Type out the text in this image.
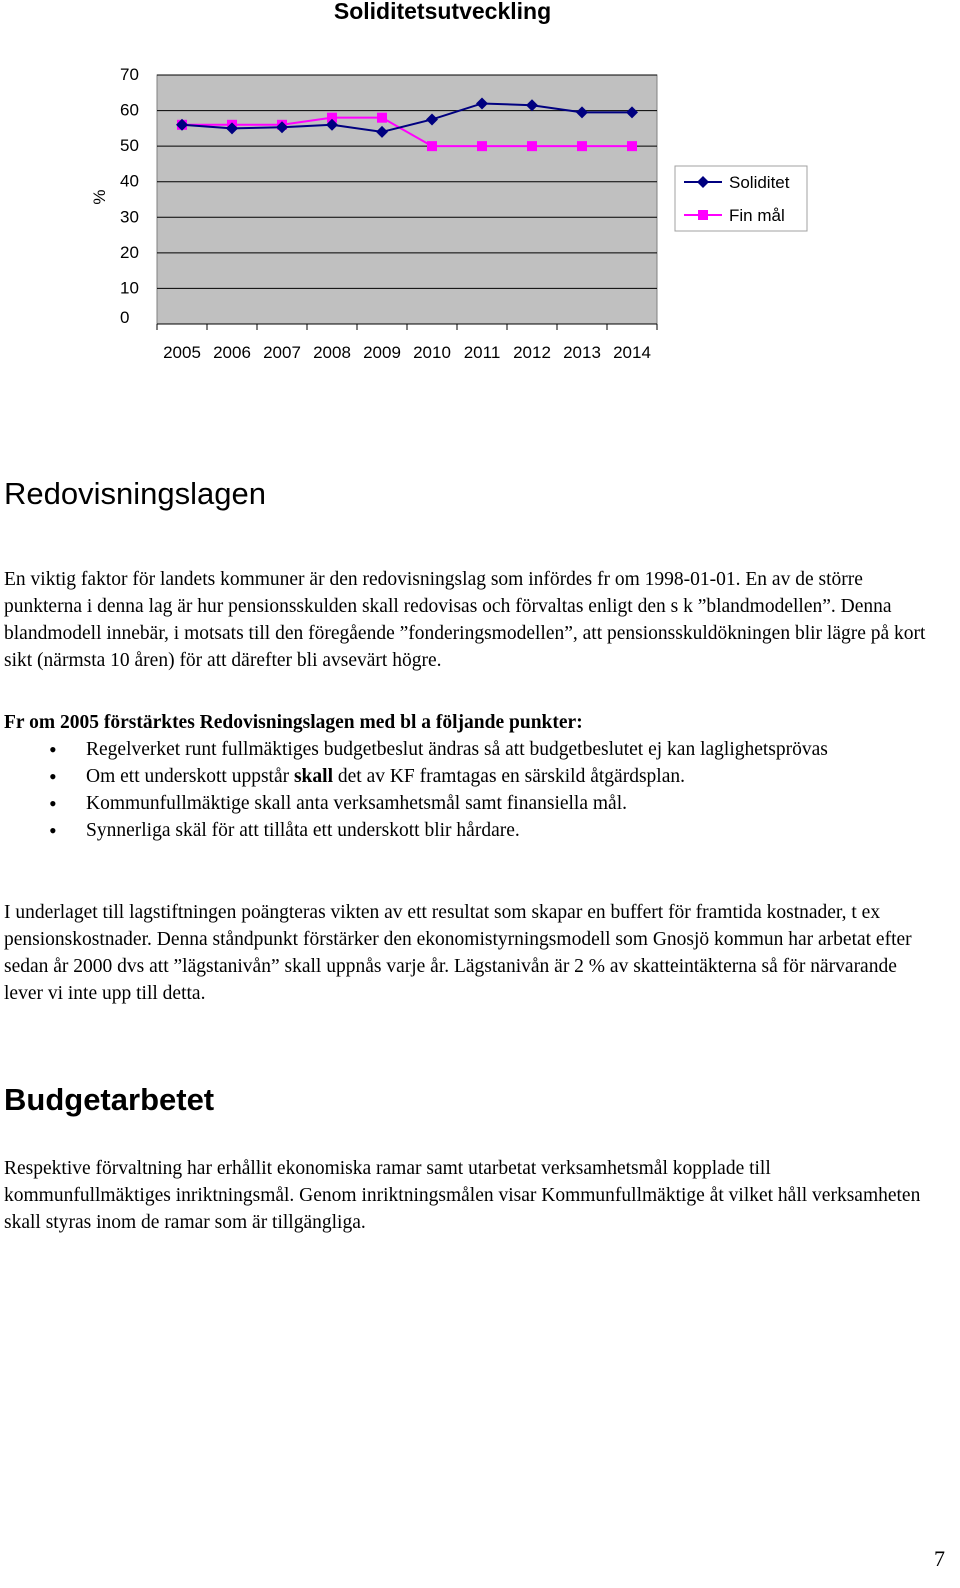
Soliditetsutveckling
0
10
20
30
40
50
60
70
2005 2006 2007 2008 2009 2010 2011 2012 2013 2014
%
Soliditet
Fin mål
Redovisningslagen

En viktig faktor för landets kommuner är den redovisningslag som infördes fr om 1998-01-01. En av de större punkterna i denna lag är hur pensionsskulden skall redovisas och förvaltas enligt den s k ”blandmodellen”. Denna blandmodell innebär, i motsats till den föregående ”fonderingsmodellen”, att pensionsskuldökningen blir lägre på kort sikt (närmsta 10 åren) för att därefter bli avsevärt högre.

Fr om 2005 förstärktes Redovisningslagen med bl a följande punkter:

• Regelverket runt fullmäktiges budgetbeslut ändras så att budgetbeslutet ej kan laglighetsprövas
• Om ett underskott uppstår skall det av KF framtagas en särskild åtgärdsplan.
• Kommunfullmäktige skall anta verksamhetsmål samt finansiella mål.
• Synnerliga skäl för att tillåta ett underskott blir hårdare.

I underlaget till lagstiftningen poängteras vikten av ett resultat som skapar en buffert för framtida kostnader, t ex pensionskostnader. Denna ståndpunkt förstärker den ekonomistyrningsmodell som Gnosjö kommun har arbetat efter sedan år 2000 dvs att ”lägstanivån” skall uppnås varje år. Lägstanivån är 2 % av skatteintäkterna så för närvarande lever vi inte upp till detta.

Budgetarbetet

Respektive förvaltning har erhållit ekonomiska ramar samt utarbetat verksamhetsmål kopplade till kommunfullmäktiges inriktningsmål. Genom inriktningsmålen visar Kommunfullmäktige åt vilket håll verksamheten skall styras inom de ramar som är tillgängliga.

7
